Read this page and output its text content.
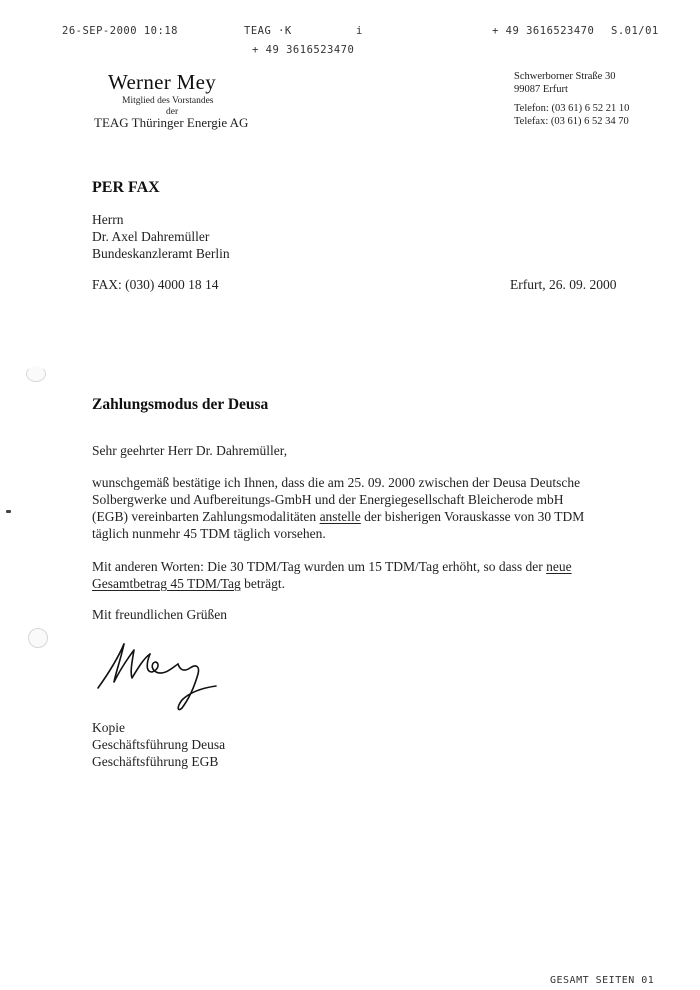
26-SEP-2000 10:18	TEAG ·K	i
+ 49 3616523470
+ 49 3616523470 S.01/01
Werner Mey
Mitglied des Vorstandes
der
TEAG Thüringer Energie AG
Schwerborner Straße 30
99087 Erfurt
Telefon: (03 61) 6 52 21 10
Telefax: (03 61) 6 52 34 70
PER FAX
Herrn
Dr. Axel Dahremüller
Bundeskanzleramt Berlin
FAX: (030) 4000 18 14	Erfurt, 26. 09. 2000
Zahlungsmodus der Deusa
Sehr geehrter Herr Dr. Dahremüller,
wunschgemäß bestätige ich Ihnen, dass die am 25. 09. 2000 zwischen der Deusa Deutsche
Solbergwerke und Aufbereitungs-GmbH und der Energiegesellschaft Bleicherode mbH
(EGB) vereinbarten Zahlungsmodalitäten anstelle der bisherigen Vorauskasse von 30 TDM
täglich nunmehr 45 TDM täglich vorsehen.
Mit anderen Worten: Die 30 TDM/Tag wurden um 15 TDM/Tag erhöht, so dass der neue
Gesamtbetrag 45 TDM/Tag beträgt.
Mit freundlichen Grüßen
Kopie
Geschäftsführung Deusa
Geschäftsführung EGB
GESAMT SEITEN 01
